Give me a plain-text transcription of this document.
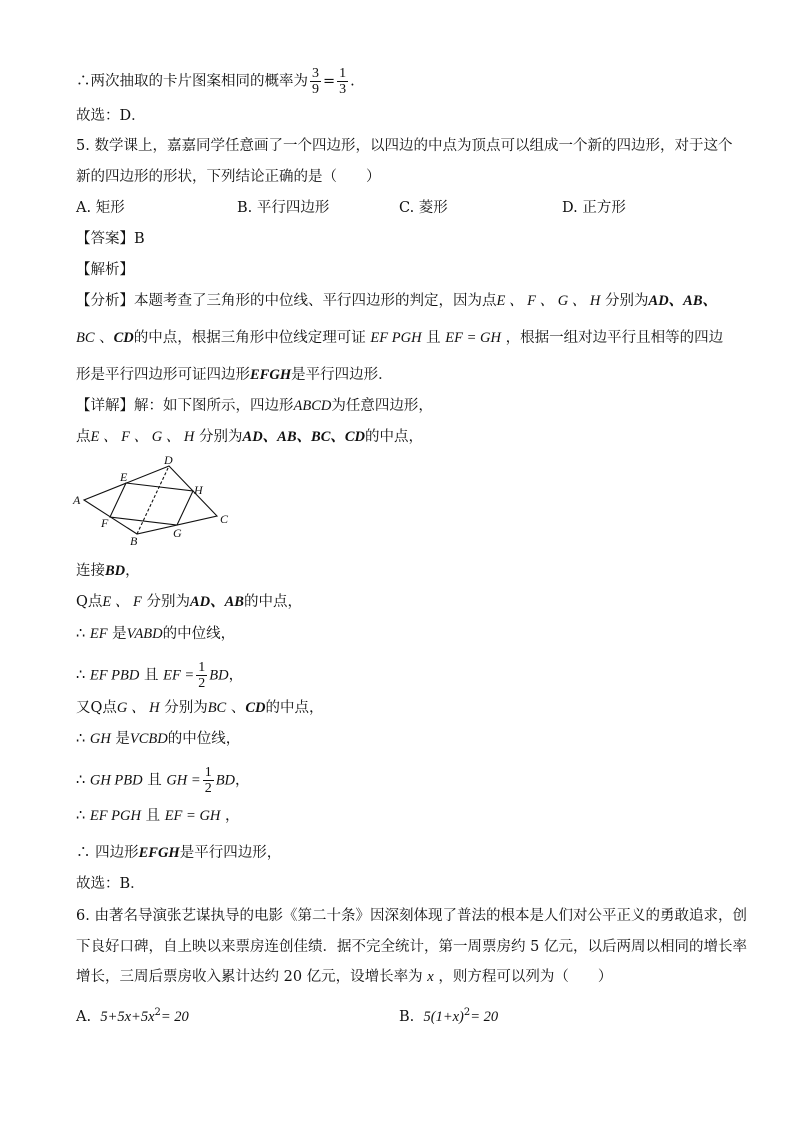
∴两次抽取的卡片图案相同的概率为 $\frac{3}{9} = \frac{1}{3}$ .
故选：D．
5. 数学课上，嘉嘉同学任意画了一个四边形，以四边的中点为顶点可以组成一个新的四边形，对于这个
新的四边形的形状，下列结论正确的是（　　）
A. 矩形	B. 平行四边形	C. 菱形	D. 正方形
【答案】B
【解析】
【分析】本题考查了三角形的中位线、平行四边形的判定，因为点E 、 F 、 G 、 H 分别为AD、AB、
BC 、CD的中点，根据三角形中位线定理可证 EF PGH 且 EF = GH ，根据一组对边平行且相等的四边
形是平行四边形可证四边形EFGH是平行四边形．
【详解】解：如下图所示，四边形ABCD为任意四边形，
点E 、 F 、 G 、 H 分别为AD、AB、BC、CD的中点，
A
B
C
D
E
F
G
H
连接BD，
Q点E 、 F 分别为AD、AB的中点，
∴ EF 是VABD的中位线，
∴ EF PBD 且 EF = $\frac{1}{2}$ BD，
又Q点G 、 H 分别为BC 、CD的中点，
∴ GH 是VCBD的中位线，
∴ GH PBD 且 GH = $\frac{1}{2}$ BD，
∴ EF PGH 且 EF = GH ，
∴ 四边形EFGH是平行四边形，
故选：B．
6. 由著名导演张艺谋执导的电影《第二十条》因深刻体现了普法的根本是人们对公平正义的勇敢追求，创
下良好口碑，自上映以来票房连创佳绩．据不完全统计，第一周票房约 5 亿元，以后两周以相同的增长率
增长，三周后票房收入累计达约 20 亿元，设增长率为 x ，则方程可以列为（　　）
A. $5+5x+5x^2= 20$	B. $5(1+x)^2= 20$
